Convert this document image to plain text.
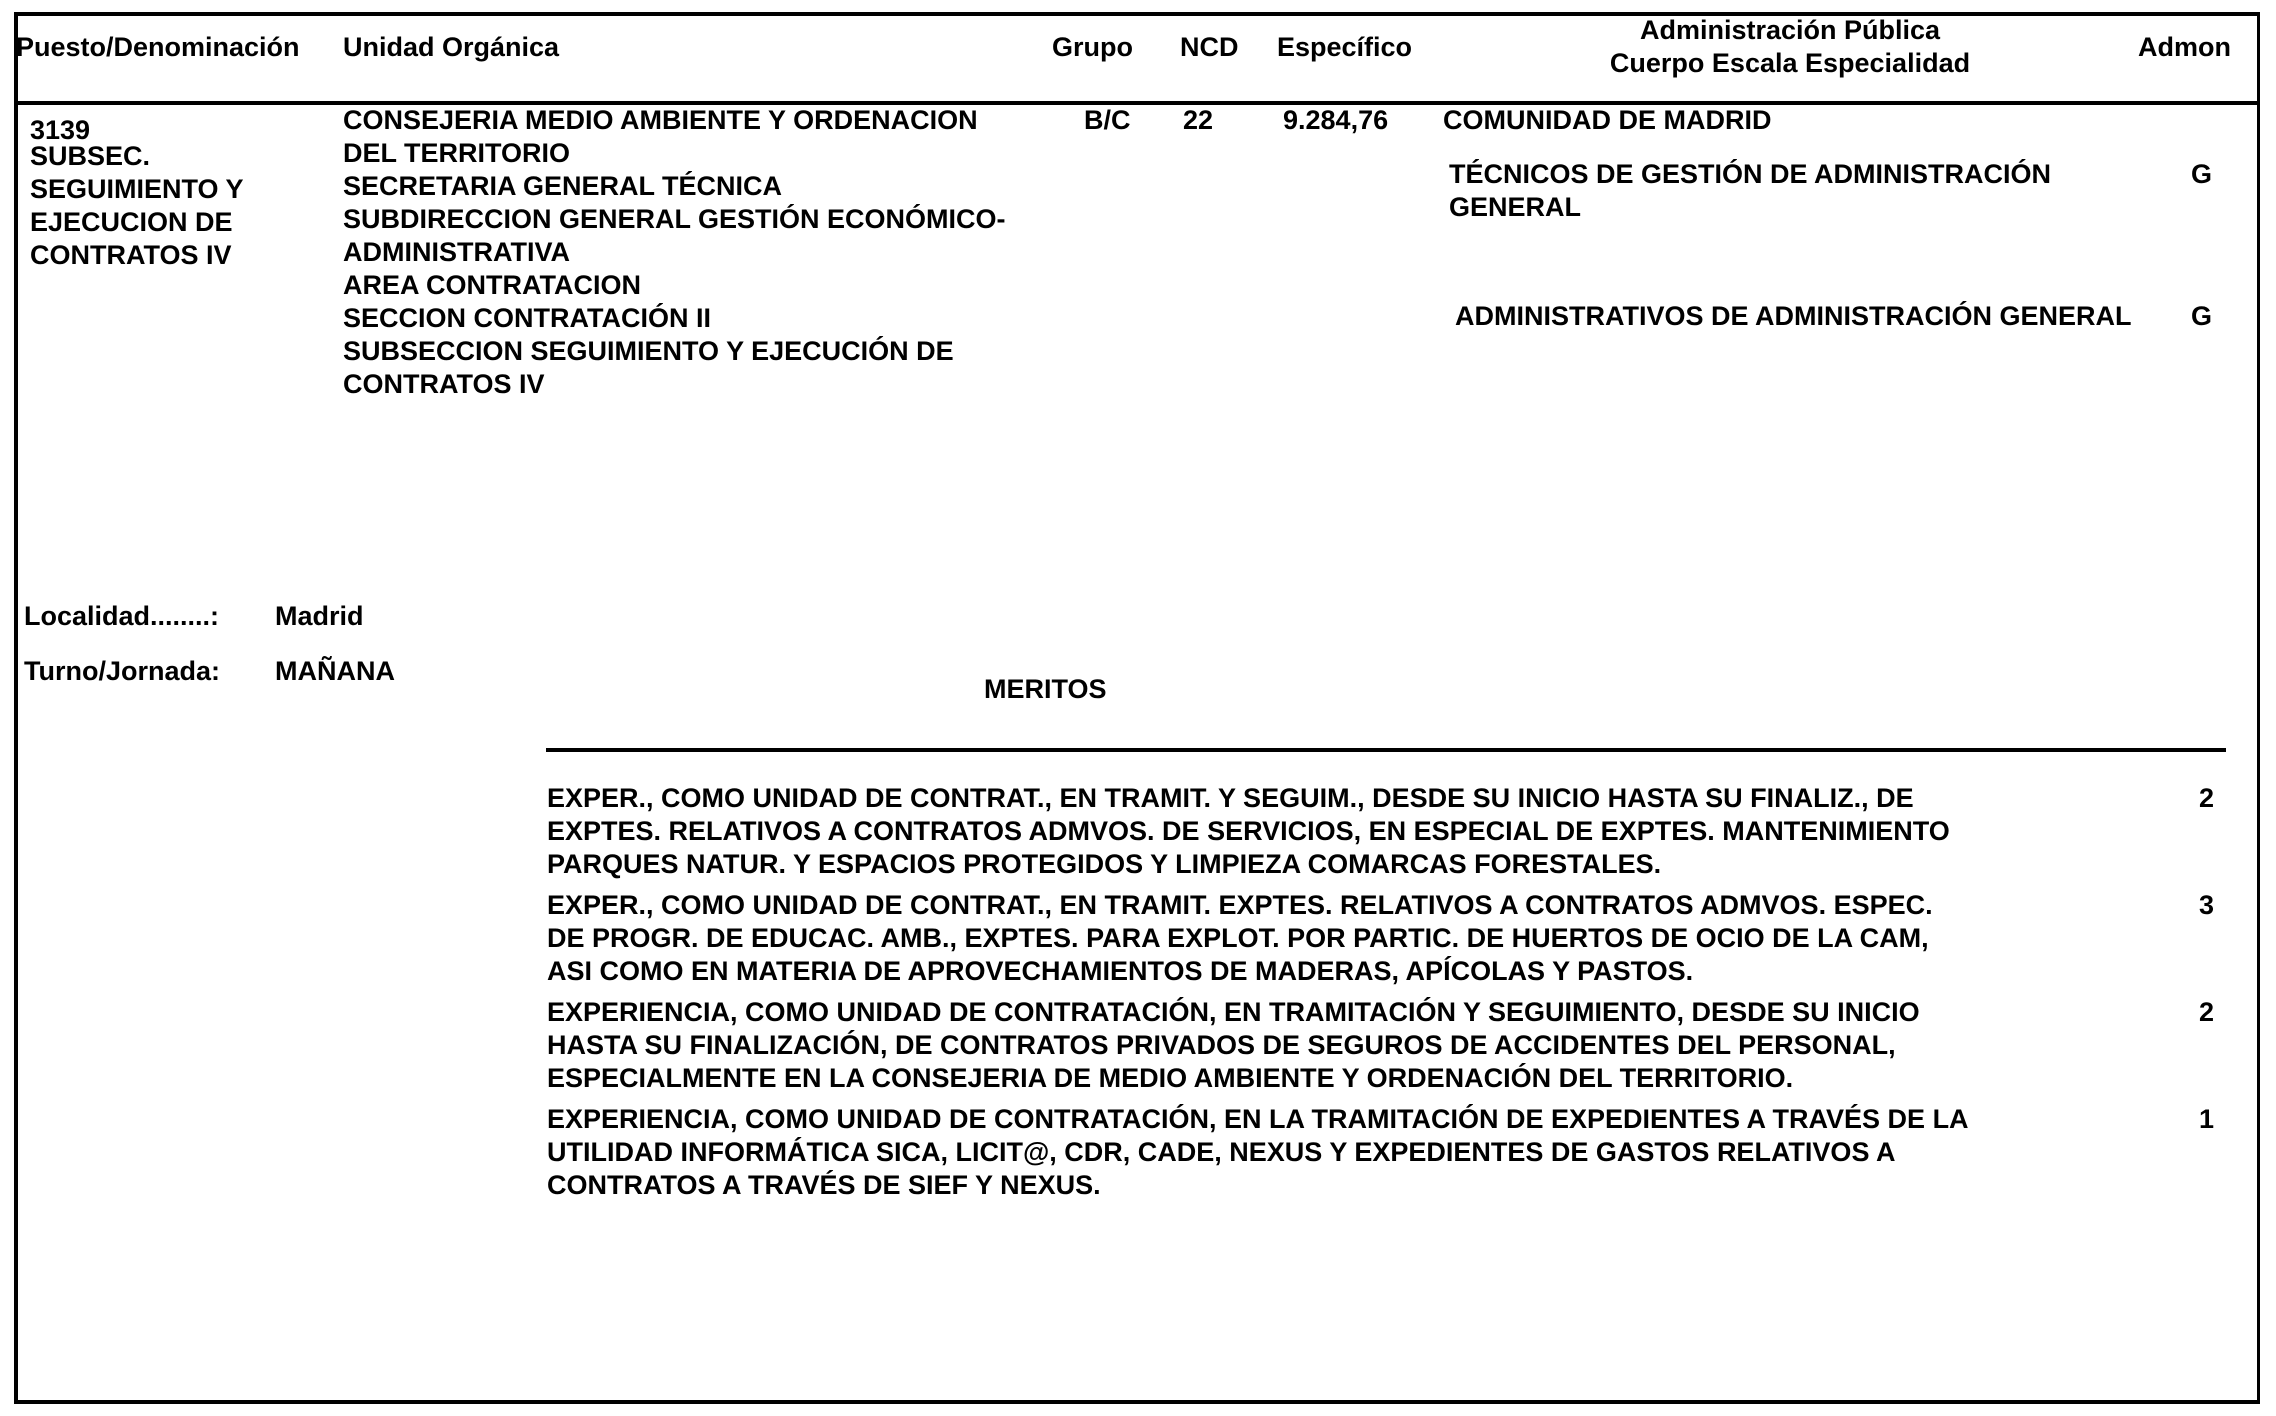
Puesto/Denominación Unidad Orgánica	Grupo NCD Específico
Administración Pública
Cuerpo Escala Especialidad
Admon
3139
SUBSEC.
SEGUIMIENTO Y
EJECUCION DE
CONTRATOS IV
CONSEJERIA MEDIO AMBIENTE Y ORDENACION
DEL TERRITORIO
SECRETARIA GENERAL TÉCNICA
SUBDIRECCION GENERAL GESTIÓN ECONÓMICO-
ADMINISTRATIVA
AREA CONTRATACION
SECCION CONTRATACIÓN II
SUBSECCION SEGUIMIENTO Y EJECUCIÓN DE
CONTRATOS IV
B/C 22	9.284,76 COMUNIDAD DE MADRID
TÉCNICOS DE GESTIÓN DE ADMINISTRACIÓN
GENERAL
G
ADMINISTRATIVOS DE ADMINISTRACIÓN GENERAL G
Localidad........: Madrid
Turno/Jornada: MAÑANA
MERITOS
EXPER., COMO UNIDAD DE CONTRAT., EN TRAMIT. Y SEGUIM., DESDE SU INICIO HASTA SU FINALIZ., DE
EXPTES. RELATIVOS A CONTRATOS ADMVOS. DE SERVICIOS, EN ESPECIAL DE EXPTES. MANTENIMIENTO
PARQUES NATUR. Y ESPACIOS PROTEGIDOS Y LIMPIEZA COMARCAS FORESTALES.
2
EXPER., COMO UNIDAD DE CONTRAT., EN TRAMIT. EXPTES. RELATIVOS A CONTRATOS ADMVOS. ESPEC.
DE PROGR. DE EDUCAC. AMB., EXPTES. PARA EXPLOT. POR PARTIC. DE HUERTOS DE OCIO DE LA CAM,
ASI COMO EN MATERIA DE APROVECHAMIENTOS DE MADERAS, APÍCOLAS Y PASTOS.
3
EXPERIENCIA, COMO UNIDAD DE CONTRATACIÓN, EN TRAMITACIÓN Y SEGUIMIENTO, DESDE SU INICIO
HASTA SU FINALIZACIÓN, DE CONTRATOS PRIVADOS DE SEGUROS DE ACCIDENTES DEL PERSONAL,
ESPECIALMENTE EN LA CONSEJERIA DE MEDIO AMBIENTE Y ORDENACIÓN DEL TERRITORIO.
2
EXPERIENCIA, COMO UNIDAD DE CONTRATACIÓN, EN LA TRAMITACIÓN DE EXPEDIENTES A TRAVÉS DE LA
UTILIDAD INFORMÁTICA SICA, LICIT@, CDR, CADE, NEXUS Y EXPEDIENTES DE GASTOS RELATIVOS A
CONTRATOS A TRAVÉS DE SIEF Y NEXUS.
1
